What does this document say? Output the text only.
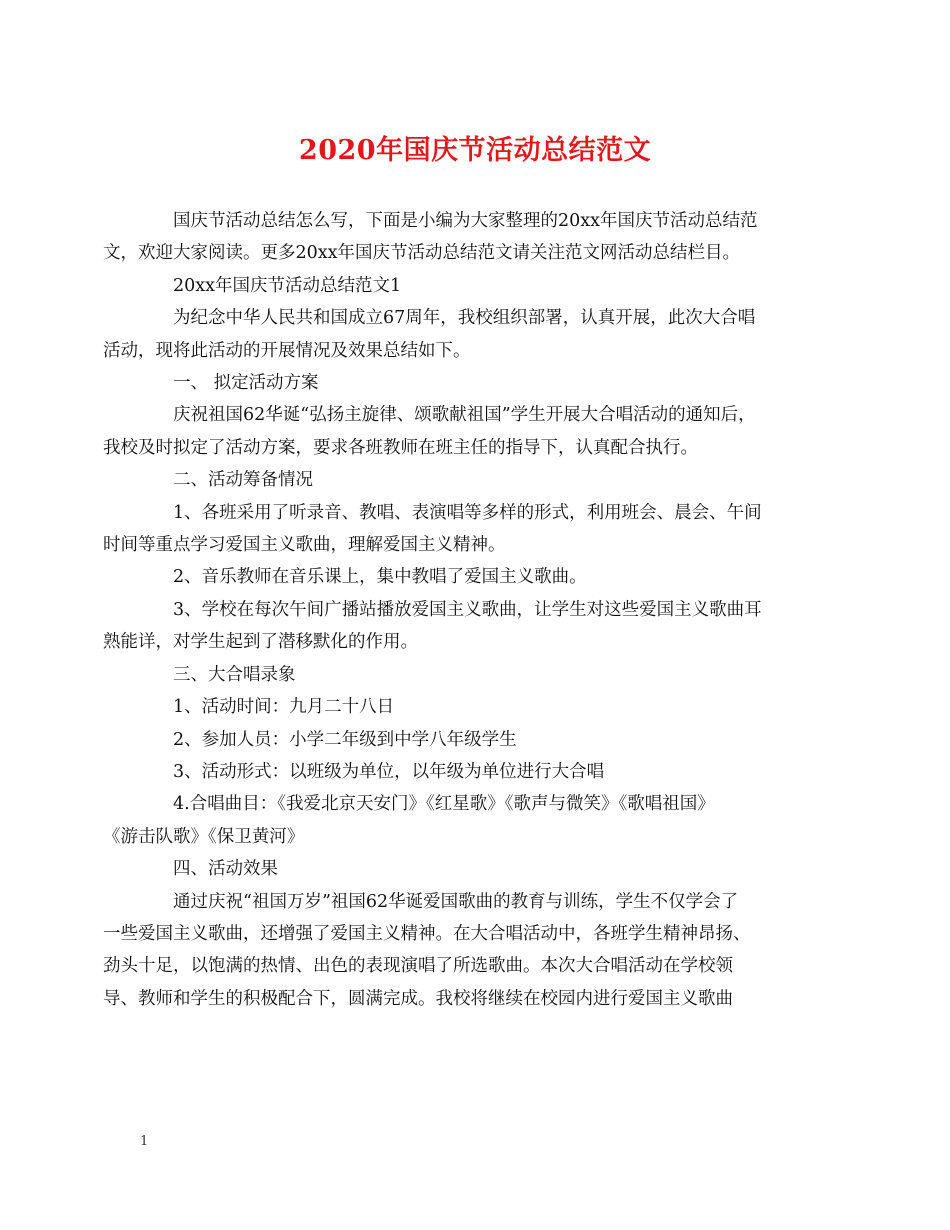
2020年国庆节活动总结范文
国庆节活动总结怎么写，下面是小编为大家整理的20xx年国庆节活动总结范
文，欢迎大家阅读。更多20xx年国庆节活动总结范文请关注范文网活动总结栏目。
20xx年国庆节活动总结范文1
为纪念中华人民共和国成立67周年，我校组织部署，认真开展，此次大合唱
活动，现将此活动的开展情况及效果总结如下。
一、 拟定活动方案
庆祝祖国62华诞“弘扬主旋律、颂歌献祖国”学生开展大合唱活动的通知后，
我校及时拟定了活动方案，要求各班教师在班主任的指导下，认真配合执行。
二、活动筹备情况
1、各班采用了听录音、教唱、表演唱等多样的形式，利用班会、晨会、午间
时间等重点学习爱国主义歌曲，理解爱国主义精神。
2、音乐教师在音乐课上，集中教唱了爱国主义歌曲。
3、学校在每次午间广播站播放爱国主义歌曲，让学生对这些爱国主义歌曲耳
熟能详，对学生起到了潜移默化的作用。
三、大合唱录象
1、活动时间：九月二十八日
2、参加人员：小学二年级到中学八年级学生
3、活动形式：以班级为单位，以年级为单位进行大合唱
4.合唱曲目：《我爱北京天安门》《红星歌》《歌声与微笑》《歌唱祖国》
《游击队歌》《保卫黄河》
四、活动效果
通过庆祝“祖国万岁”祖国62华诞爱国歌曲的教育与训练，学生不仅学会了
一些爱国主义歌曲，还增强了爱国主义精神。在大合唱活动中，各班学生精神昂扬、
劲头十足，以饱满的热情、出色的表现演唱了所选歌曲。本次大合唱活动在学校领
导、教师和学生的积极配合下，圆满完成。我校将继续在校园内进行爱国主义歌曲
1
